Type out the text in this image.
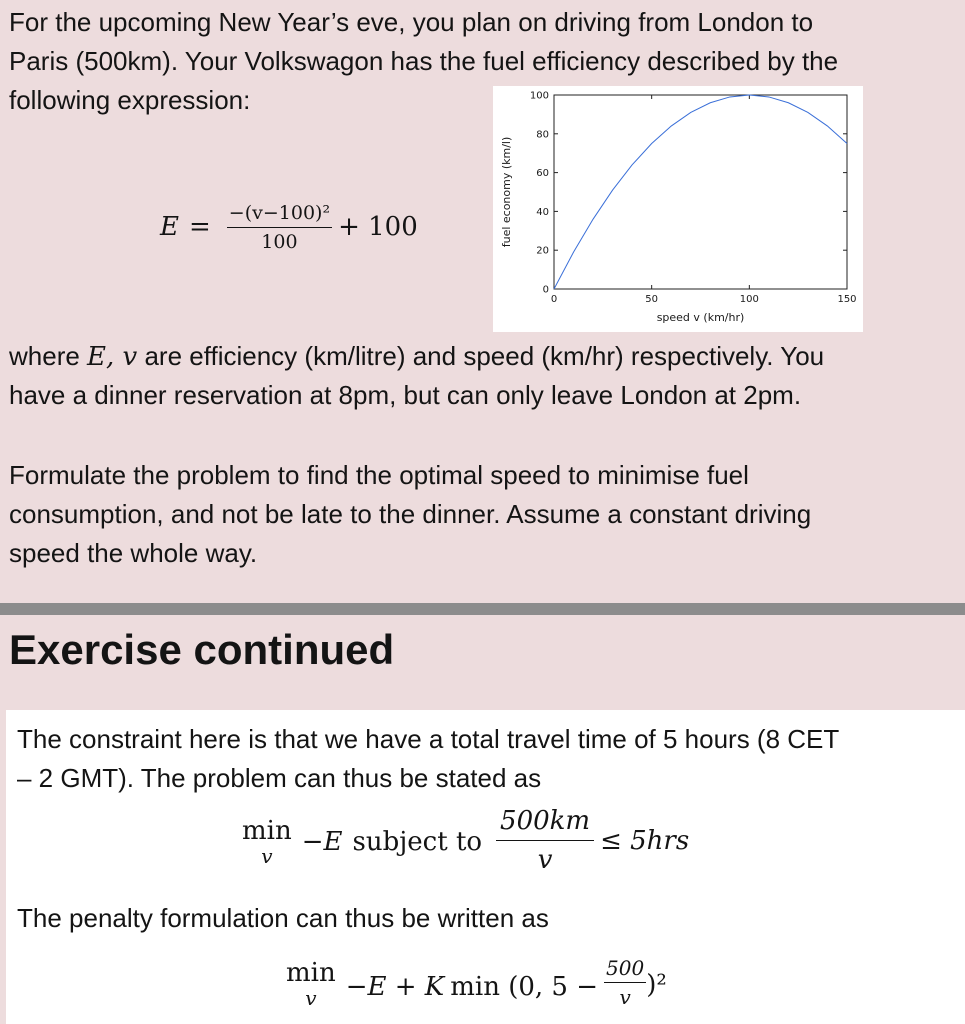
For the upcoming New Year’s eve, you plan on driving from London to

Paris (500km). Your Volkswagon has the fuel efficiency described by the

following expression:

$E = \frac{\text{−(v−100)²}}{100} + 100$
0	50	100	150
0
20
40
60
80
100
speed v (km/hr)
fuel economy (km/l)

where E, v are efficiency (km/litre) and speed (km/hr) respectively. You

have a dinner reservation at 8pm, but can only leave London at 2pm.

Formulate the problem to find the optimal speed to minimise fuel

consumption, and not be late to the dinner. Assume a constant driving

speed the whole way.

Exercise continued

The constraint here is that we have a total travel time of 5 hours (8 CET

– 2 GMT). The problem can thus be stated as

min
v −E subject to $\frac{500km}{v} \le 5hrs$

The penalty formulation can thus be written as

min
v −E + K min (0, $5 - \frac{500}{v} )^2$
